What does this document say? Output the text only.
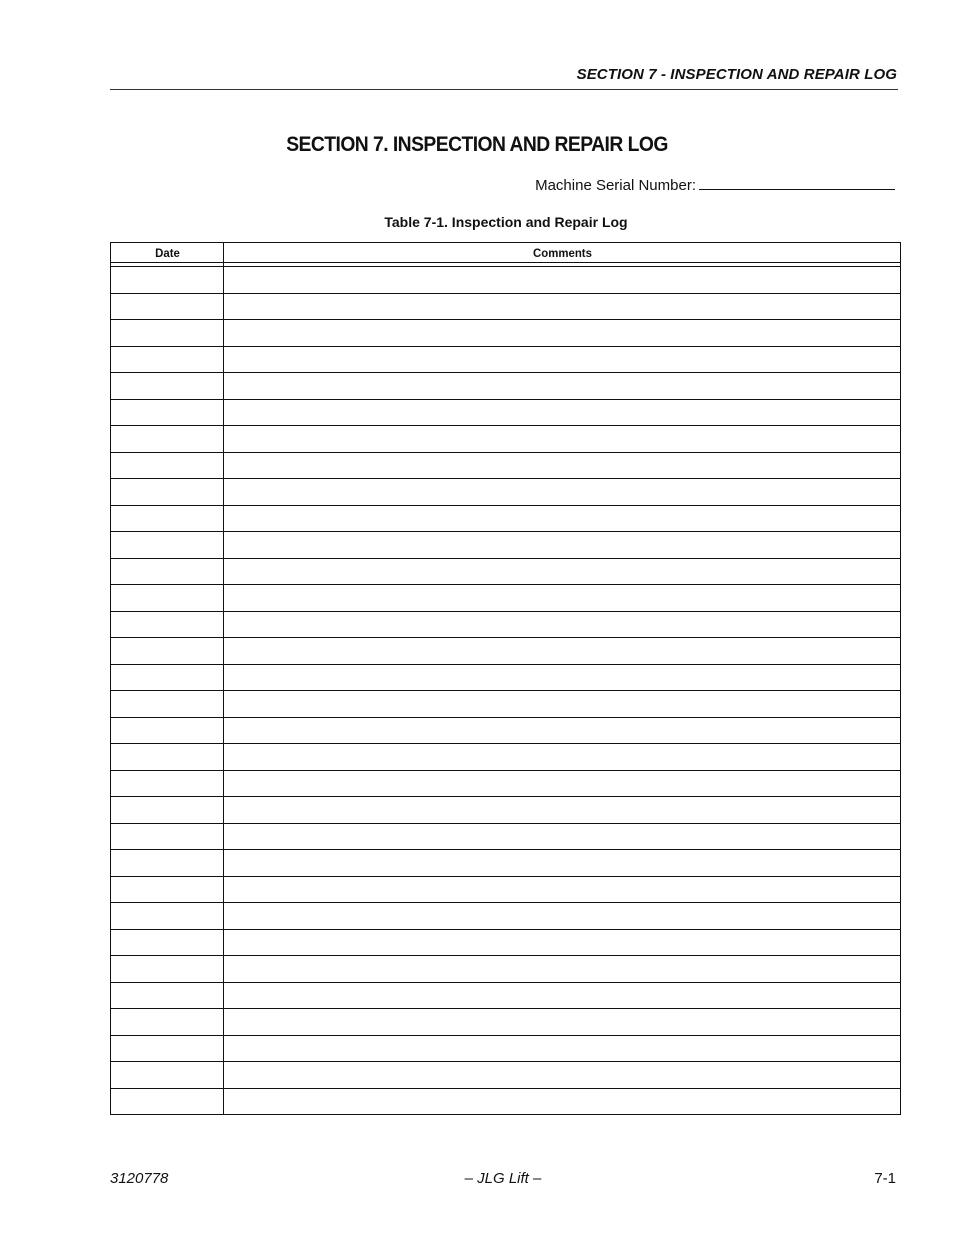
SECTION 7 - INSPECTION AND REPAIR LOG
SECTION 7. INSPECTION AND REPAIR LOG
Machine Serial Number:
Table 7-1. Inspection and Repair Log
Date	Comments

3120778	– JLG Lift –	7-1
